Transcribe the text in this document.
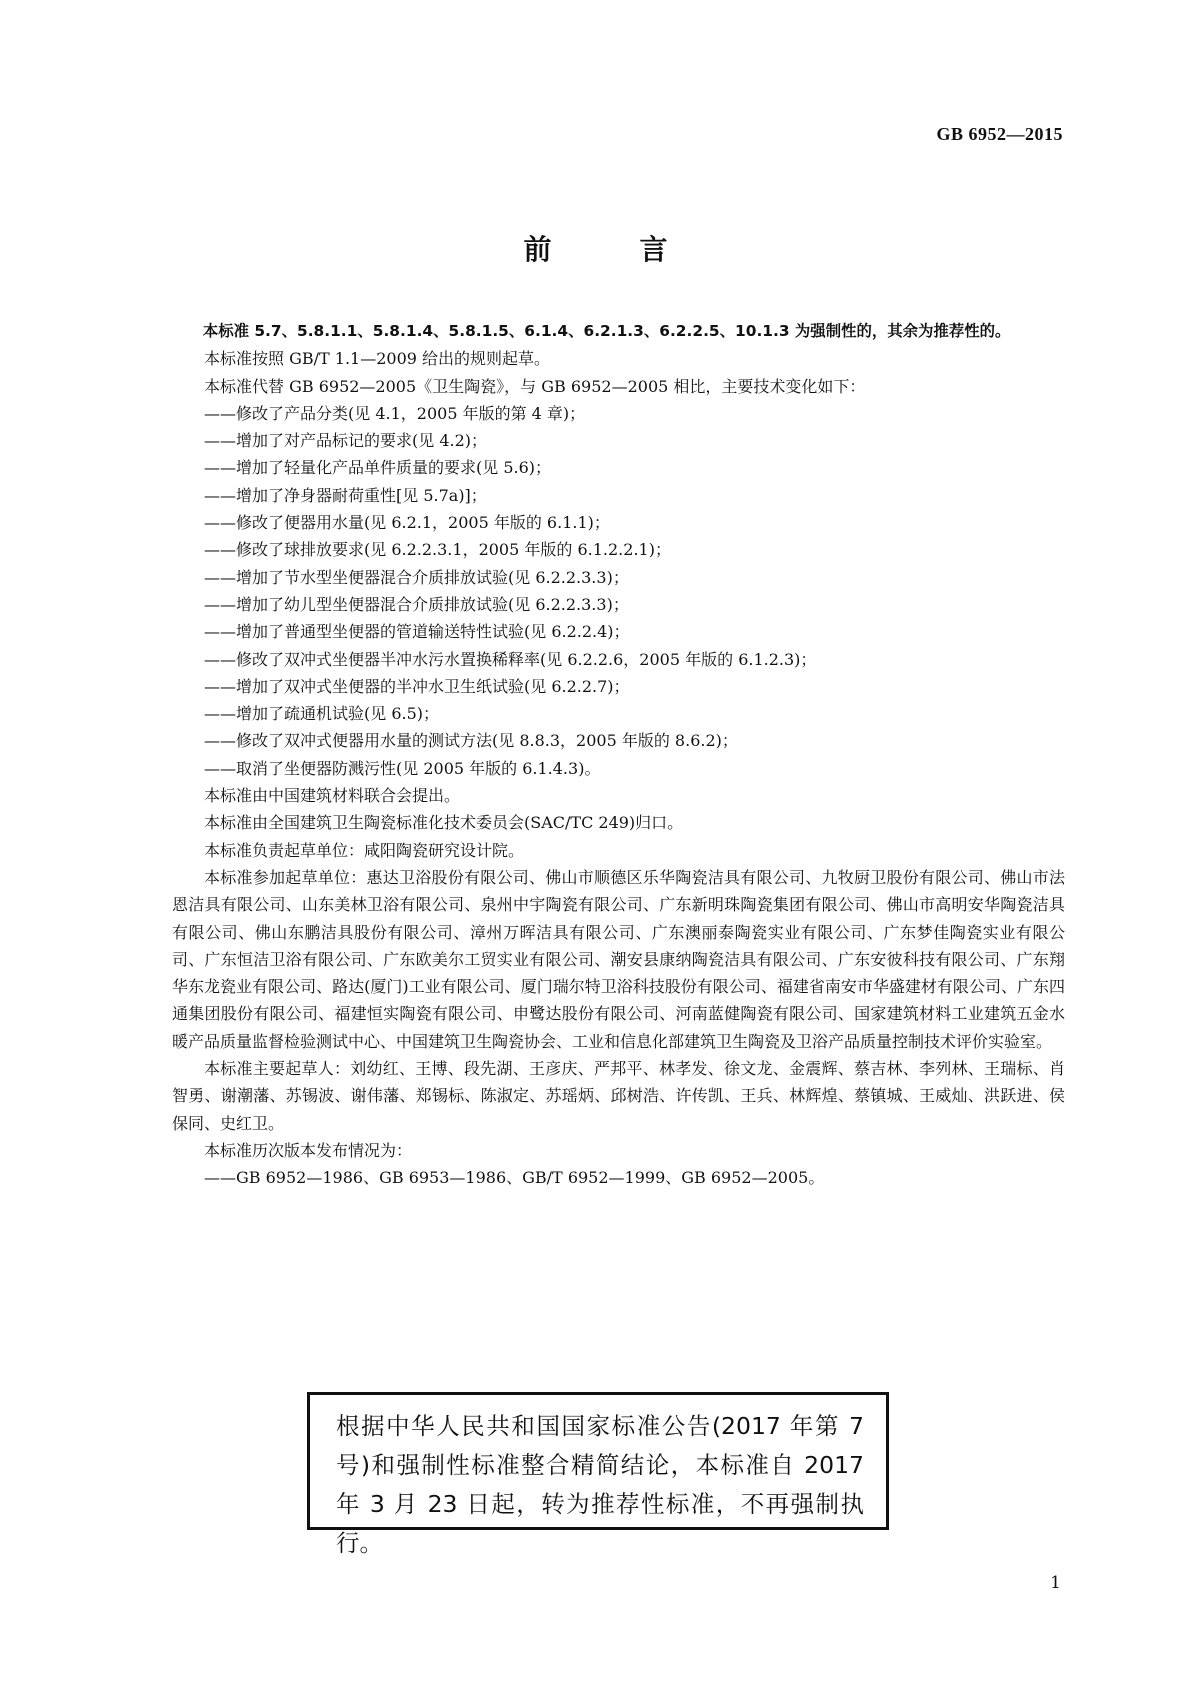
GB 6952—2015

前　言

本标准 5.7、5.8.1.1、5.8.1.4、5.8.1.5、6.1.4、6.2.1.3、6.2.2.5、10.1.3 为强制性的，其余为推荐性的。

本标准按照 GB/T 1.1—2009 给出的规则起草。

本标准代替 GB 6952—2005《卫生陶瓷》，与 GB 6952—2005 相比，主要技术变化如下：

——修改了产品分类(见 4.1，2005 年版的第 4 章)；

——增加了对产品标记的要求(见 4.2)；

——增加了轻量化产品单件质量的要求(见 5.6)；

——增加了净身器耐荷重性[见 5.7a)]；

——修改了便器用水量(见 6.2.1，2005 年版的 6.1.1)；

——修改了球排放要求(见 6.2.2.3.1，2005 年版的 6.1.2.2.1)；

——增加了节水型坐便器混合介质排放试验(见 6.2.2.3.3)；

——增加了幼儿型坐便器混合介质排放试验(见 6.2.2.3.3)；

——增加了普通型坐便器的管道输送特性试验(见 6.2.2.4)；

——修改了双冲式坐便器半冲水污水置换稀释率(见 6.2.2.6，2005 年版的 6.1.2.3)；

——增加了双冲式坐便器的半冲水卫生纸试验(见 6.2.2.7)；

——增加了疏通机试验(见 6.5)；

——修改了双冲式便器用水量的测试方法(见 8.8.3，2005 年版的 8.6.2)；

——取消了坐便器防溅污性(见 2005 年版的 6.1.4.3)。

本标准由中国建筑材料联合会提出。

本标准由全国建筑卫生陶瓷标准化技术委员会(SAC/TC 249)归口。

本标准负责起草单位：咸阳陶瓷研究设计院。

本标准参加起草单位：惠达卫浴股份有限公司、佛山市顺德区乐华陶瓷洁具有限公司、九牧厨卫股份有限公司、佛山市法恩洁具有限公司、山东美林卫浴有限公司、泉州中宇陶瓷有限公司、广东新明珠陶瓷集团有限公司、佛山市高明安华陶瓷洁具有限公司、佛山东鹏洁具股份有限公司、漳州万晖洁具有限公司、广东澳丽泰陶瓷实业有限公司、广东梦佳陶瓷实业有限公司、广东恒洁卫浴有限公司、广东欧美尔工贸实业有限公司、潮安县康纳陶瓷洁具有限公司、广东安彼科技有限公司、广东翔华东龙瓷业有限公司、路达(厦门)工业有限公司、厦门瑞尔特卫浴科技股份有限公司、福建省南安市华盛建材有限公司、广东四通集团股份有限公司、福建恒实陶瓷有限公司、申鹭达股份有限公司、河南蓝健陶瓷有限公司、国家建筑材料工业建筑五金水暖产品质量监督检验测试中心、中国建筑卫生陶瓷协会、工业和信息化部建筑卫生陶瓷及卫浴产品质量控制技术评价实验室。

本标准主要起草人：刘幼红、王博、段先湖、王彦庆、严邦平、林孝发、徐文龙、金震辉、蔡吉林、李列林、王瑞标、肖智勇、谢潮藩、苏锡波、谢伟藩、郑锡标、陈淑定、苏瑶炳、邱树浩、许传凯、王兵、林辉煌、蔡镇城、王威灿、洪跃进、侯保同、史红卫。

本标准历次版本发布情况为：

——GB 6952—1986、GB 6953—1986、GB/T 6952—1999、GB 6952—2005。

根据中华人民共和国国家标准公告(2017 年第 7 号)和强制性标准整合精简结论，本标准自 2017 年 3 月 23 日起，转为推荐性标准，不再强制执行。

1
